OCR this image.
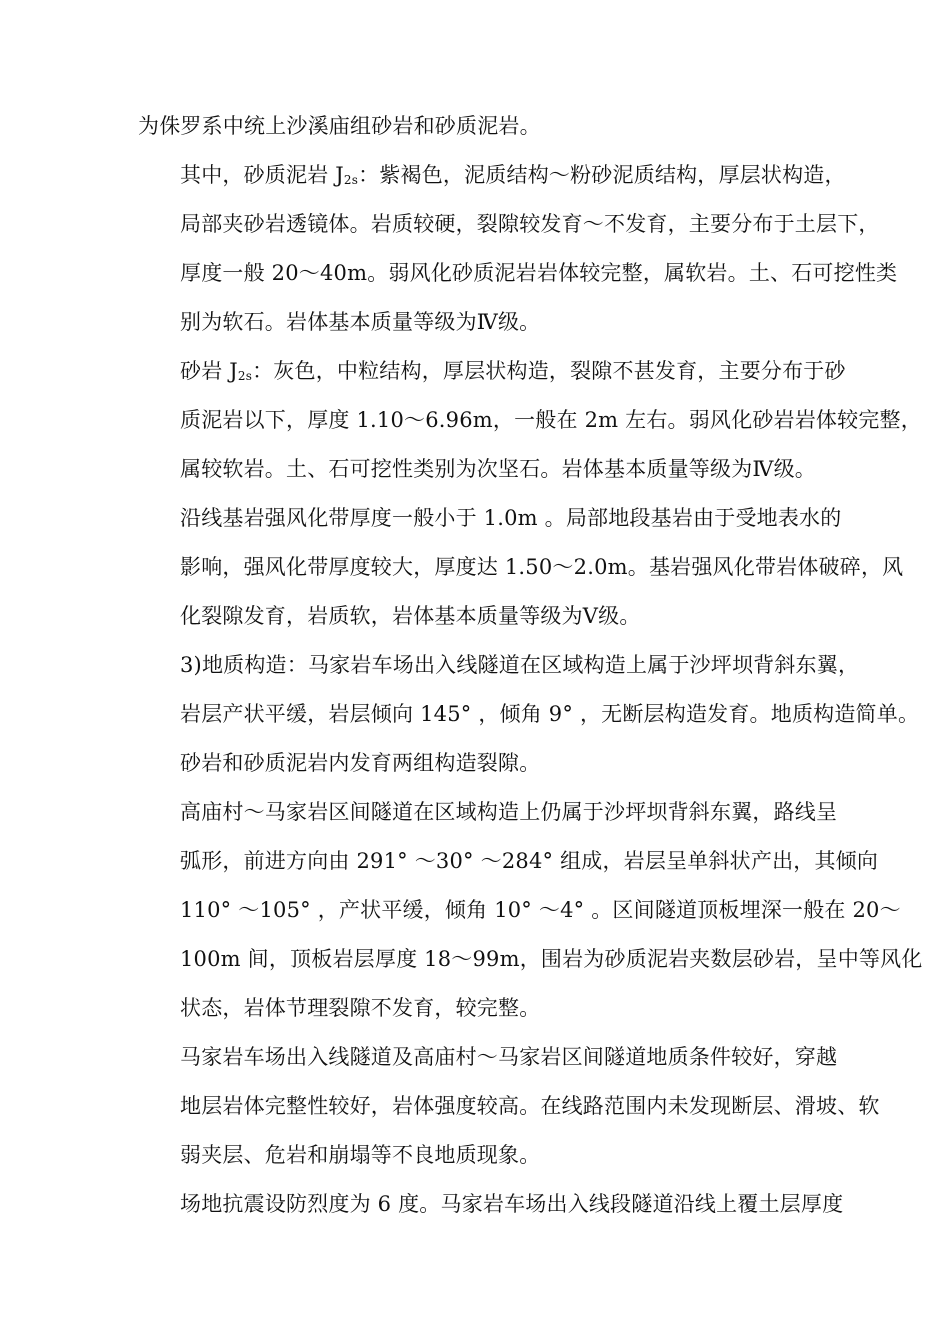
为侏罗系中统上沙溪庙组砂岩和砂质泥岩。

其中，砂质泥岩 $J_{2s}$：紫褐色，泥质结构～粉砂泥质结构，厚层状构造，
局部夹砂岩透镜体。岩质较硬，裂隙较发育～不发育，主要分布于土层下，
厚度一般 20～40m。弱风化砂质泥岩岩体较完整，属软岩。土、石可挖性类
别为软石。岩体基本质量等级为Ⅳ级。

砂岩 $J_{2s}$：灰色，中粒结构，厚层状构造，裂隙不甚发育，主要分布于砂
质泥岩以下，厚度 1.10～6.96m，一般在 2m 左右。弱风化砂岩岩体较完整，
属较软岩。土、石可挖性类别为次坚石。岩体基本质量等级为Ⅳ级。

沿线基岩强风化带厚度一般小于 1.0m 。局部地段基岩由于受地表水的
影响，强风化带厚度较大，厚度达 1.50～2.0m。基岩强风化带岩体破碎，风
化裂隙发育，岩质软，岩体基本质量等级为Ⅴ级。

3)地质构造：马家岩车场出入线隧道在区域构造上属于沙坪坝背斜东翼，
岩层产状平缓，岩层倾向 145° ，倾角 9° ，无断层构造发育。地质构造简单。
砂岩和砂质泥岩内发育两组构造裂隙。

高庙村～马家岩区间隧道在区域构造上仍属于沙坪坝背斜东翼，路线呈
弧形，前进方向由 291° ～30° ～284° 组成，岩层呈单斜状产出，其倾向
110° ～105° ，产状平缓，倾角 10° ～4° 。区间隧道顶板埋深一般在 20～
100m 间，顶板岩层厚度 18～99m，围岩为砂质泥岩夹数层砂岩，呈中等风化
状态，岩体节理裂隙不发育，较完整。

马家岩车场出入线隧道及高庙村～马家岩区间隧道地质条件较好，穿越
地层岩体完整性较好，岩体强度较高。在线路范围内未发现断层、滑坡、软
弱夹层、危岩和崩塌等不良地质现象。

场地抗震设防烈度为 6 度。马家岩车场出入线段隧道沿线上覆土层厚度
